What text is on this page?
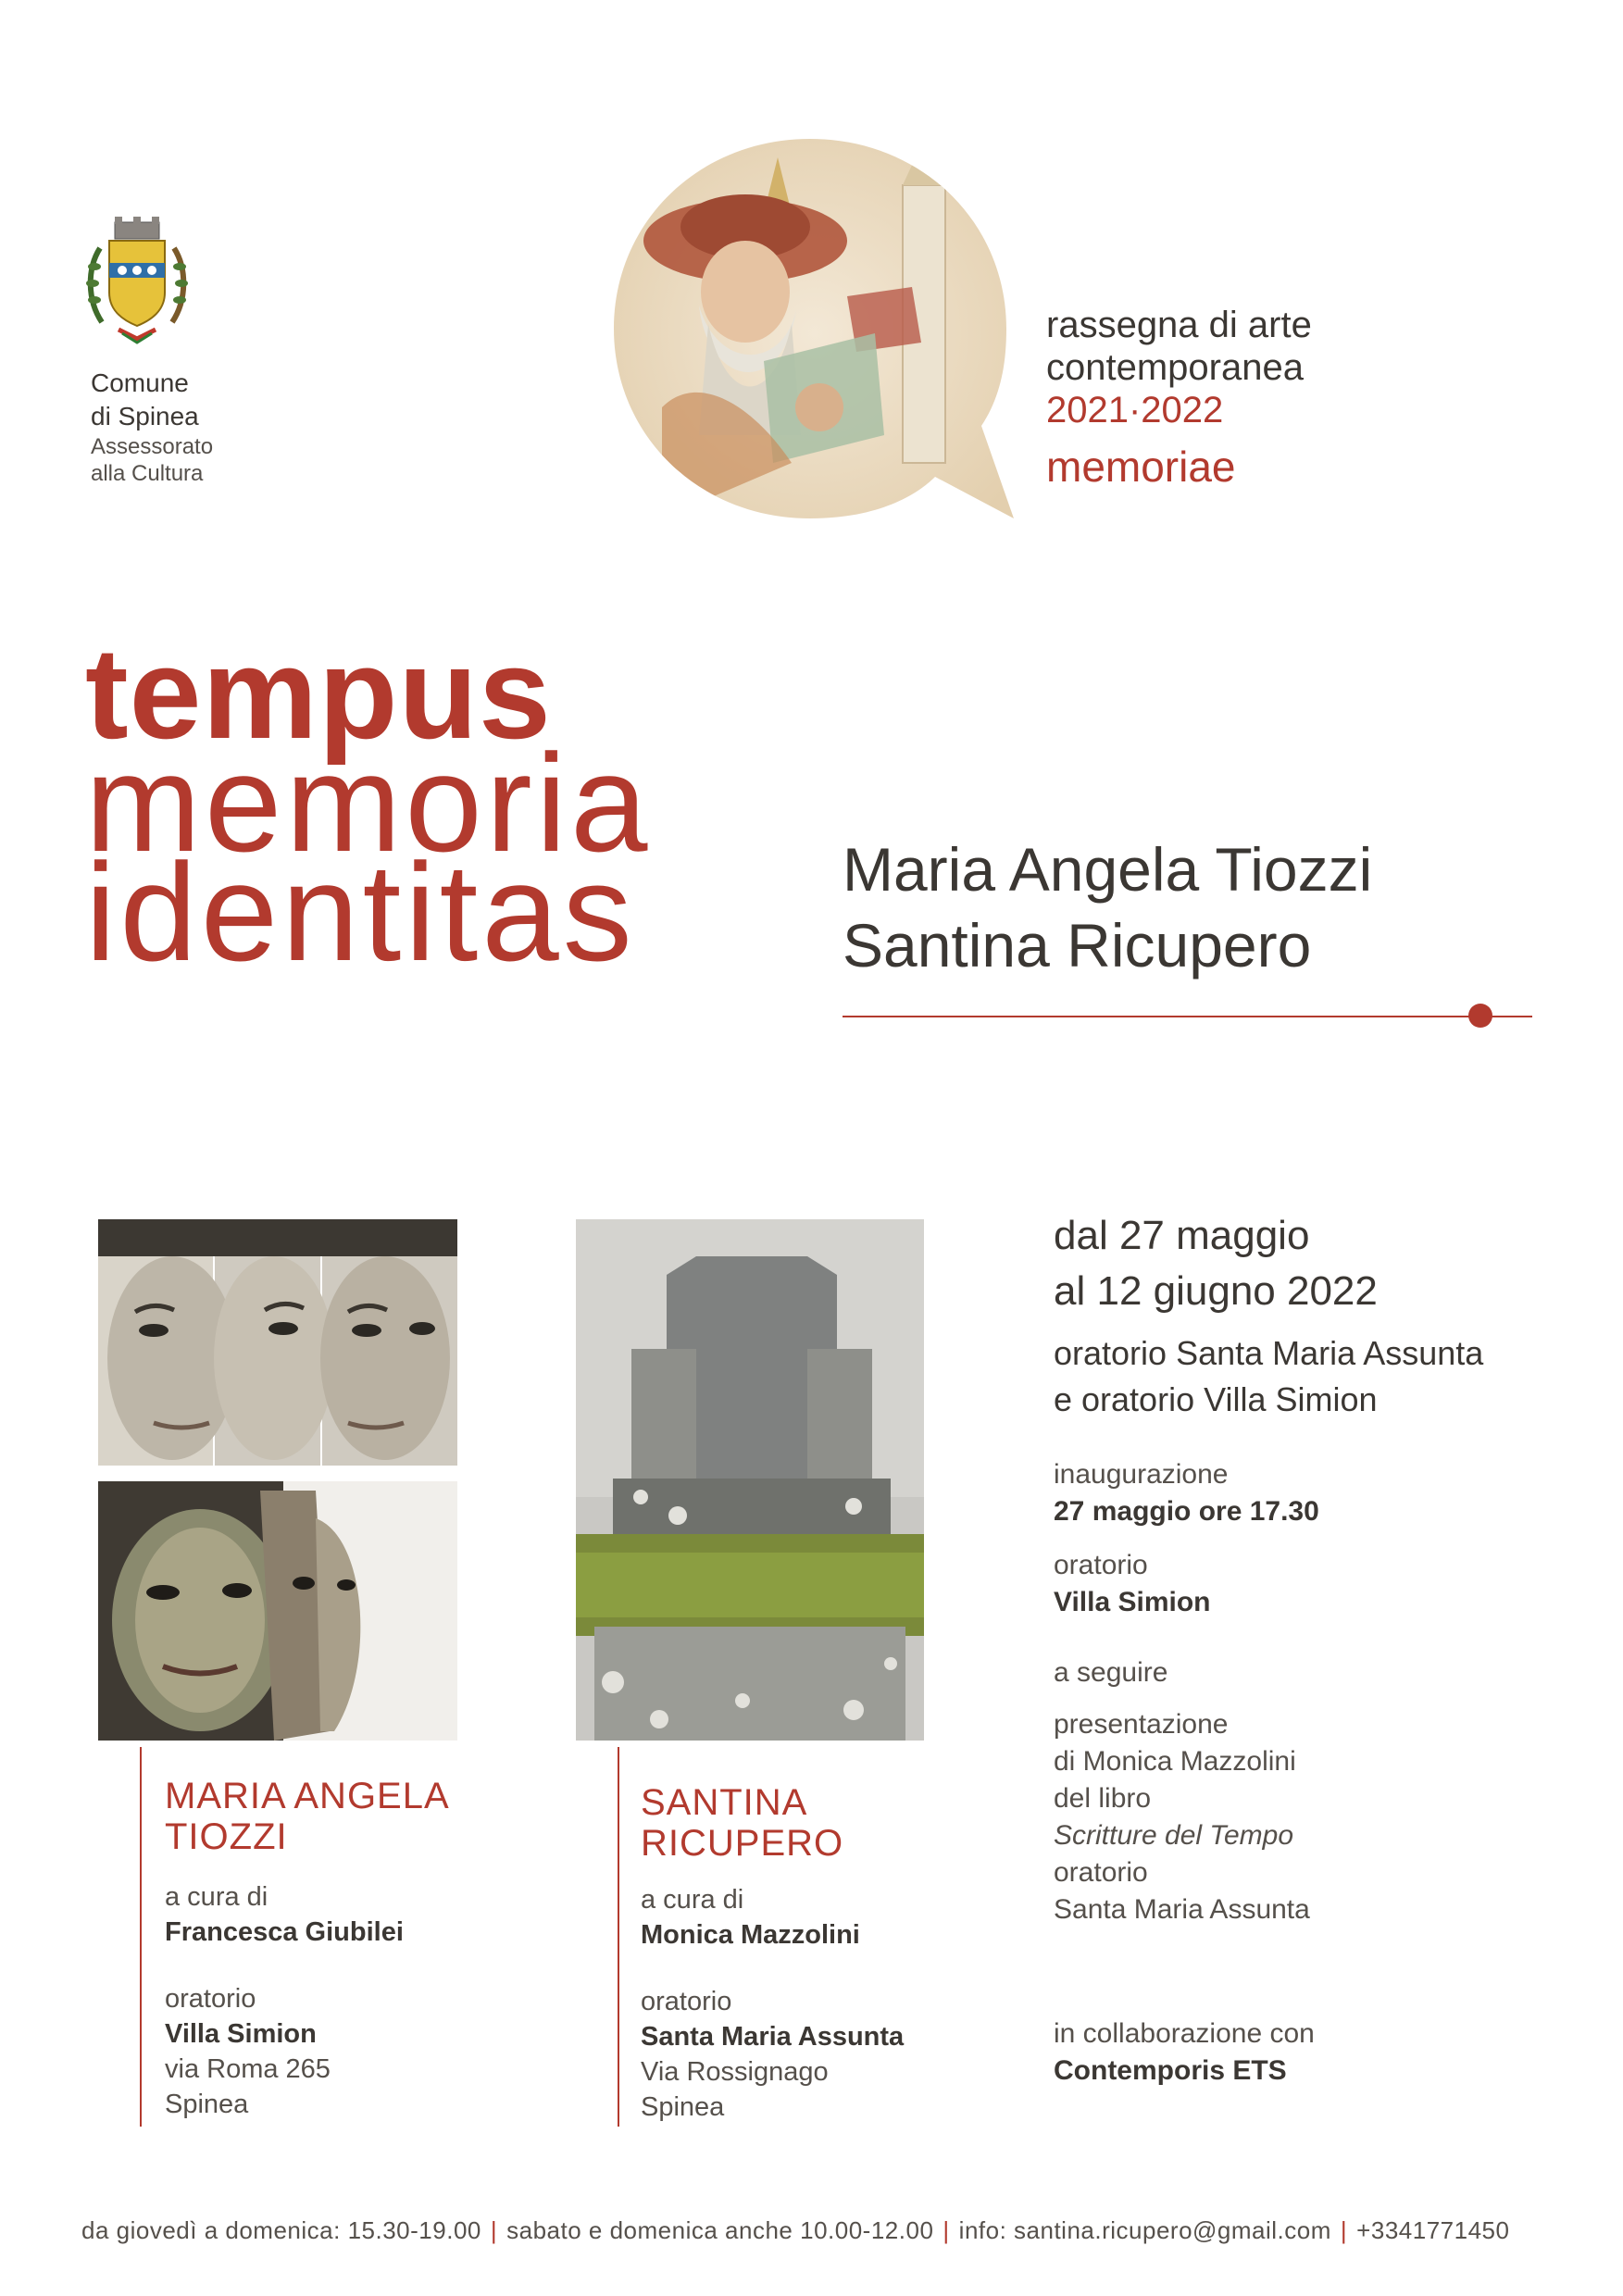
Comune
di Spinea
Assessorato
alla Cultura
rassegna di arte
contemporanea
2021·2022
memoriae
tempus
memoria
identitas	Maria Angela Tiozzi
Santina Ricupero
MARIA ANGELA
TIOZZI
a cura di
Francesca Giubilei
oratorio
Villa Simion
via Roma 265
Spinea
SANTINA
RICUPERO
a cura di
Monica Mazzolini
oratorio
Santa Maria Assunta
Via Rossignago
Spinea
dal 27 maggio
al 12 giugno 2022
oratorio Santa Maria Assunta
e oratorio Villa Simion
inaugurazione
27 maggio ore 17.30
oratorio
Villa Simion
a seguire
presentazione
di Monica Mazzolini
del libro
Scritture del Tempo
oratorio
Santa Maria Assunta
in collaborazione con
Contemporis ETS
da giovedì a domenica: 15.30-19.00 | sabato e domenica anche 10.00-12.00 | info: santina.ricupero@gmail.com | +3341771450
